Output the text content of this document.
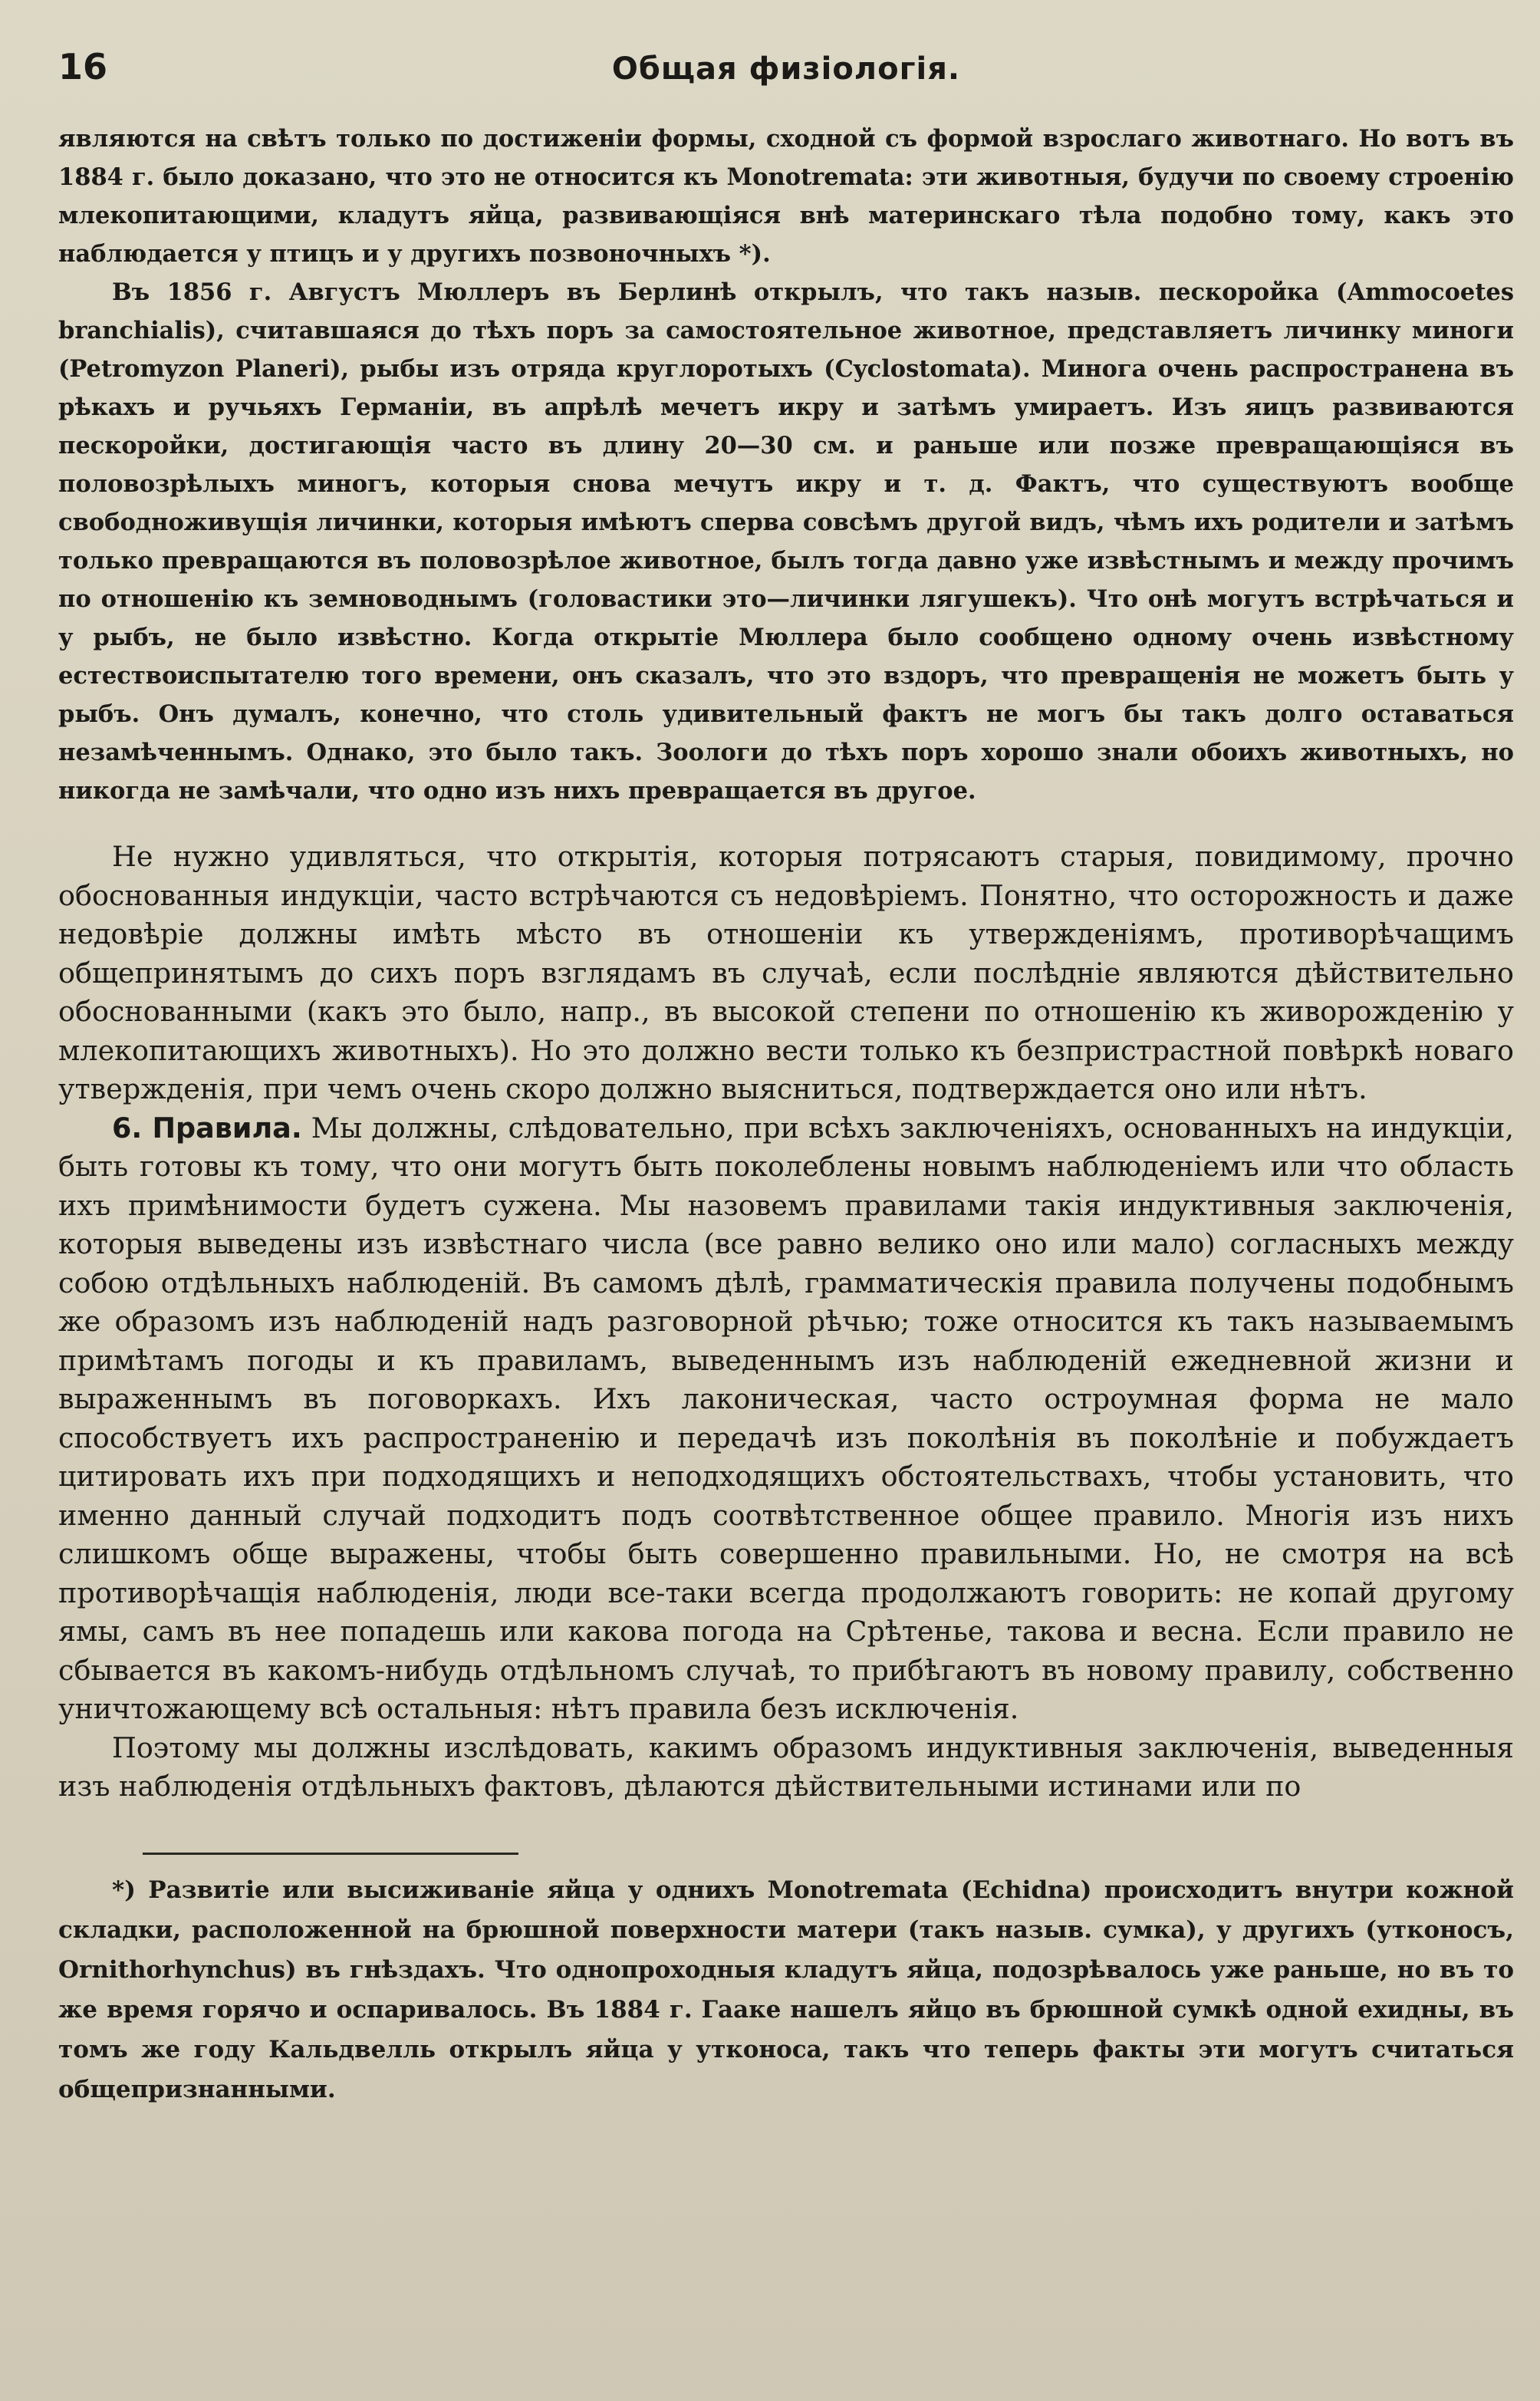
16	Общая физiологiя.

являются на свѣтъ только по достиженiи формы, сходной съ формой взрослаго животнаго. Но вотъ въ 1884 г. было доказано, что это не относится къ Monotremata: эти животныя, будучи по своему строенiю млекопитающими, кладутъ яйца, развивающiяся внѣ материнскаго тѣла подобно тому, какъ это наблюдается у птицъ и у другихъ позвоночныхъ *).

Въ 1856 г. Августъ Мюллеръ въ Берлинѣ открылъ, что такъ назыв. пескоройка (Ammocoetes branchialis), считавшаяся до тѣхъ поръ за самостоятельное животное, представляетъ личинку миноги (Petromyzon Planeri), рыбы изъ отряда круглоротыхъ (Cyclostomata). Минога очень распространена въ рѣкахъ и ручьяхъ Германiи, въ апрѣлѣ мечетъ икру и затѣмъ умираетъ. Изъ яицъ развиваются пескоройки, достигающiя часто въ длину 20—30 см. и раньше или позже превращающiяся въ половозрѣлыхъ миногъ, которыя снова мечутъ икру и т. д. Фактъ, что существуютъ вообще свободноживущiя личинки, которыя имѣютъ сперва совсѣмъ другой видъ, чѣмъ ихъ родители и затѣмъ только превращаются въ половозрѣлое животное, былъ тогда давно уже извѣстнымъ и между прочимъ по отношенiю къ земноводнымъ (головастики это—личинки лягушекъ). Что онѣ могутъ встрѣчаться и у рыбъ, не было извѣстно. Когда открытiе Мюллера было сообщено одному очень извѣстному естествоиспытателю того времени, онъ сказалъ, что это вздоръ, что превращенiя не можетъ быть у рыбъ. Онъ думалъ, конечно, что столь удивительный фактъ не могъ бы такъ долго оставаться незамѣченнымъ. Однако, это было такъ. Зоологи до тѣхъ поръ хорошо знали обоихъ животныхъ, но никогда не замѣчали, что одно изъ нихъ превращается въ другое.

Не нужно удивляться, что открытiя, которыя потрясаютъ старыя, повидимому, прочно обоснованныя индукцiи, часто встрѣчаются съ недовѣрiемъ. Понятно, что осторожность и даже недовѣрiе должны имѣть мѣсто въ отношенiи къ утвержденiямъ, противорѣчащимъ общепринятымъ до сихъ поръ взглядамъ въ случаѣ, если послѣднiе являются дѣйствительно обоснованными (какъ это было, напр., въ высокой степени по отношенiю къ живорожденiю у млекопитающихъ животныхъ). Но это должно вести только къ безпристрастной повѣркѣ новаго утвержденiя, при чемъ очень скоро должно выясниться, подтверждается оно или нѣтъ.

6. Правила. Мы должны, слѣдовательно, при всѣхъ заключенiяхъ, основанныхъ на индукцiи, быть готовы къ тому, что они могутъ быть поколеблены новымъ наблюденiемъ или что область ихъ примѣнимости будетъ сужена. Мы назовемъ правилами такiя индуктивныя заключенiя, которыя выведены изъ извѣстнаго числа (все равно велико оно или мало) согласныхъ между собою отдѣльныхъ наблюденiй. Въ самомъ дѣлѣ, грамматическiя правила получены подобнымъ же образомъ изъ наблюденiй надъ разговорной рѣчью; тоже относится къ такъ называемымъ примѣтамъ погоды и къ правиламъ, выведеннымъ изъ наблюденiй ежедневной жизни и выраженнымъ въ поговоркахъ. Ихъ лаконическая, часто остроумная форма не мало способствуетъ ихъ распространенiю и передачѣ изъ поколѣнiя въ поколѣнiе и побуждаетъ цитировать ихъ при подходящихъ и неподходящихъ обстоятельствахъ, чтобы установить, что именно данный случай подходитъ подъ соотвѣтственное общее правило. Многiя изъ нихъ слишкомъ обще выражены, чтобы быть совершенно правильными. Но, не смотря на всѣ противорѣчащiя наблюденiя, люди все-таки всегда продолжаютъ говорить: не копай другому ямы, самъ въ нее попадешь или какова погода на Срѣтенье, такова и весна. Если правило не сбывается въ какомъ-нибудь отдѣльномъ случаѣ, то прибѣгаютъ въ новому правилу, собственно уничтожающему всѣ остальныя: нѣтъ правила безъ исключенiя.

Поэтому мы должны изслѣдовать, какимъ образомъ индуктивныя заключенiя, выведенныя изъ наблюденiя отдѣльныхъ фактовъ, дѣлаются дѣйствительными истинами или по

*) Развитiе или высиживанiе яйца у однихъ Monotremata (Echidna) происходитъ внутри кожной складки, расположенной на брюшной поверхности матери (такъ назыв. сумка), у другихъ (утконосъ, Ornithorhynchus) въ гнѣздахъ. Что однопроходныя кладутъ яйца, подозрѣвалось уже раньше, но въ то же время горячо и оспаривалось. Въ 1884 г. Гааке нашелъ яйцо въ брюшной сумкѣ одной ехидны, въ томъ же году Кальдвелль открылъ яйца у утконоса, такъ что теперь факты эти могутъ считаться общепризнанными.
